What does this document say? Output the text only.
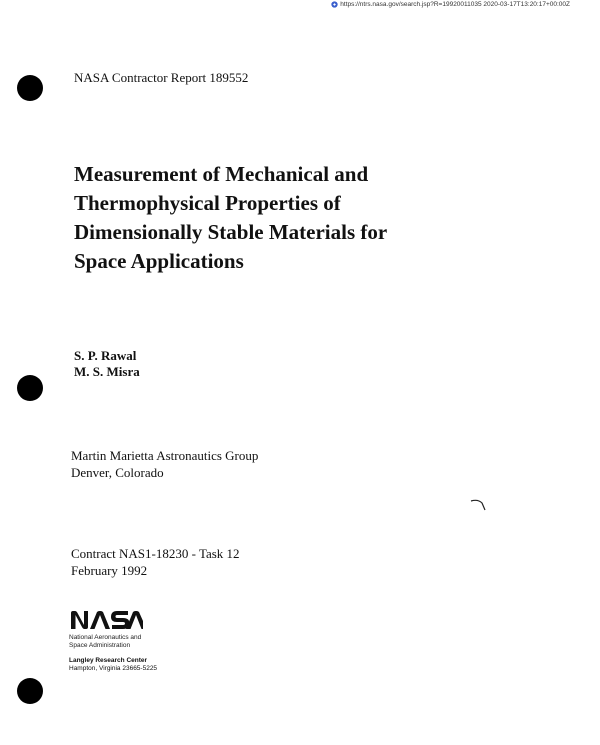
https://ntrs.nasa.gov/search.jsp?R=19920011035 2020-03-17T13:20:17+00:00Z
NASA Contractor Report 189552
Measurement of Mechanical and
Thermophysical Properties of
Dimensionally Stable Materials for
Space Applications
S. P. Rawal
M. S. Misra
Martin Marietta Astronautics Group
Denver, Colorado
Contract NAS1-18230 - Task 12
February 1992
National Aeronautics and
Space Administration
Langley Research Center
Hampton, Virginia 23665-5225
